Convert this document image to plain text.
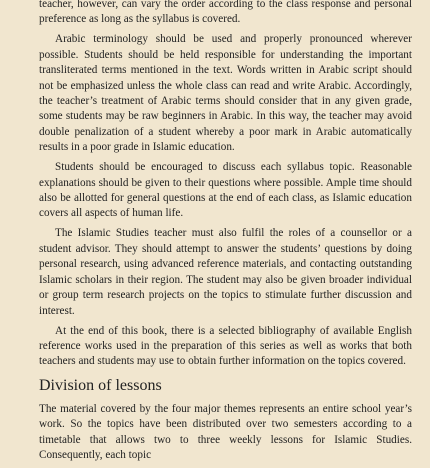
teacher, however, can vary the order according to the class response and personal preference as long as the syllabus is covered.

Arabic terminology should be used and properly pronounced wherever possible. Students should be held responsible for understanding the important transliterated terms mentioned in the text. Words written in Arabic script should not be emphasized unless the whole class can read and write Arabic. Accordingly, the teacher’s treatment of Arabic terms should consider that in any given grade, some students may be raw beginners in Arabic. In this way, the teacher may avoid double penalization of a student whereby a poor mark in Arabic automatically results in a poor grade in Islamic education.

Students should be encouraged to discuss each syllabus topic. Reasonable explanations should be given to their questions where possible. Ample time should also be allotted for general questions at the end of each class, as Islamic education covers all aspects of human life.

The Islamic Studies teacher must also fulfil the roles of a counsellor or a student advisor. They should attempt to answer the students’ questions by doing personal research, using advanced reference materials, and contacting outstanding Islamic scholars in their region. The student may also be given broader individual or group term research projects on the topics to stimulate further discussion and interest.

At the end of this book, there is a selected bibliography of available English reference works used in the preparation of this series as well as works that both teachers and students may use to obtain further information on the topics covered.

Division of lessons

The material covered by the four major themes represents an entire school year’s work. So the topics have been distributed over two semesters according to a timetable that allows two to three weekly lessons for Islamic Studies. Consequently, each topic
